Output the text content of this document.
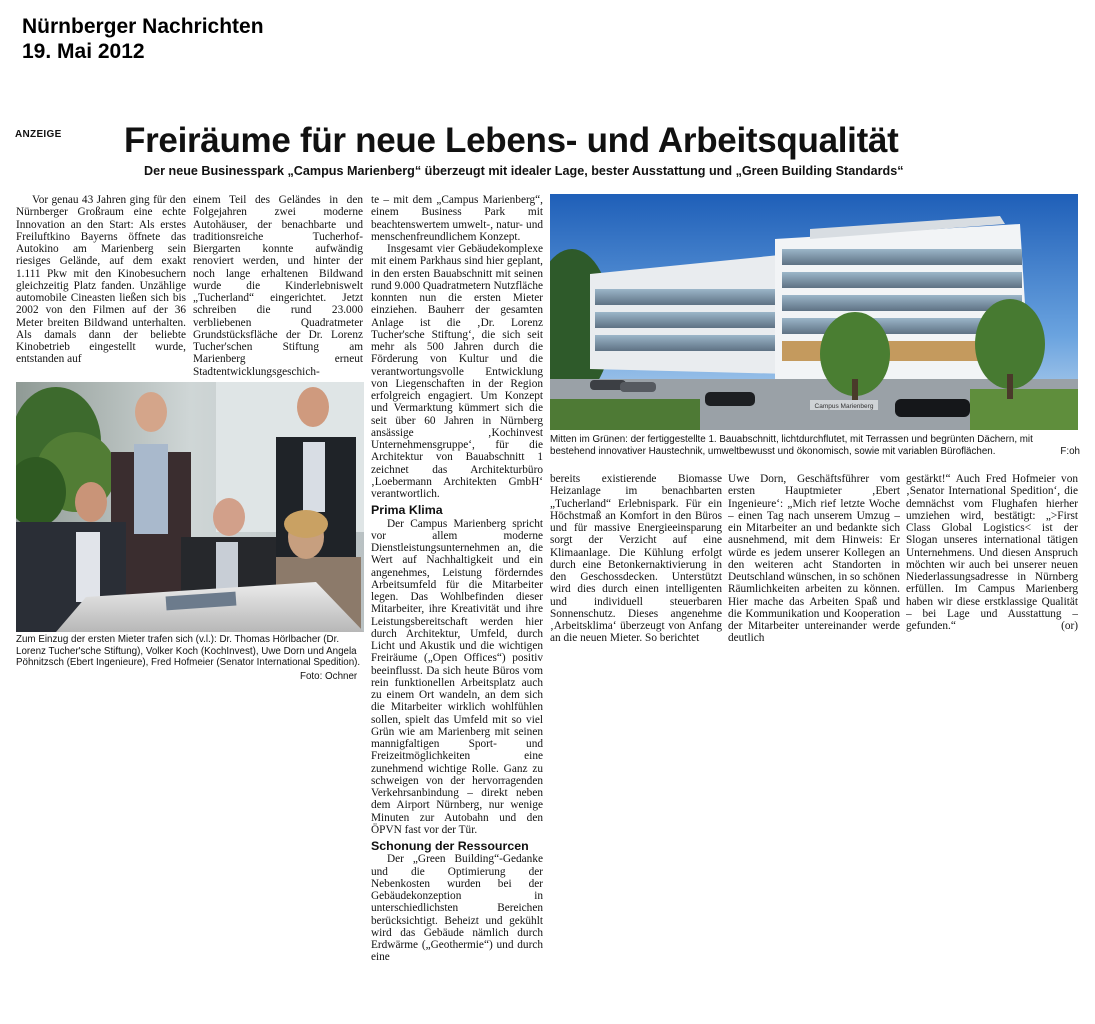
Nürnberger Nachrichten
19. Mai 2012
ANZEIGE Freiräume für neue Lebens- und Arbeitsqualität
Der neue Businesspark „Campus Marienberg“ überzeugt mit idealer Lage, bester Ausstattung und „Green Building Standards“

Vor genau 43 Jahren ging für den Nürnberger Großraum eine echte Innovation an den Start: Als erstes Freiluftkino Bayerns öffnete das Autokino am Marienberg sein riesiges Gelände, auf dem exakt 1.111 Pkw mit den Kinobesuchern gleichzeitig Platz fanden. Unzählige automobile Cineasten ließen sich bis 2002 von den Filmen auf der 36 Meter breiten Bildwand unterhalten. Als damals dann der beliebte Kinobetrieb eingestellt wurde, entstanden auf

einem Teil des Geländes in den Folgejahren zwei moderne Autohäuser, der benachbarte und traditionsreiche Tucherhof-Biergarten konnte aufwändig renoviert werden, und hinter der noch lange erhaltenen Bildwand wurde die Kinderlebniswelt „Tucherland“ eingerichtet. Jetzt schreiben die rund 23.000 verbliebenen Quadratmeter Grundstücksfläche der Dr. Lorenz Tucher'schen Stiftung am Marienberg erneut Stadtentwicklungsgeschich-

Zum Einzug der ersten Mieter trafen sich (v.l.): Dr. Thomas Hörlbacher (Dr. Lorenz Tucher'sche Stiftung), Volker Koch (KochInvest), Uwe Dorn und Angela Pöhnitzsch (Ebert Ingenieure), Fred Hofmeier (Senator International Spedition).
Foto: Ochner

te – mit dem „Campus Marienberg“, einem Business Park mit beachtenswertem umwelt-, natur- und menschenfreundlichem Konzept.

Insgesamt vier Gebäudekomplexe mit einem Parkhaus sind hier geplant, in den ersten Bauabschnitt mit seinen rund 9.000 Quadratmetern Nutzfläche konnten nun die ersten Mieter einziehen. Bauherr der gesamten Anlage ist die ‚Dr. Lorenz Tucher'sche Stiftung‘, die sich seit mehr als 500 Jahren durch die Förderung von Kultur und die verantwortungsvolle Entwicklung von Liegenschaften in der Region erfolgreich engagiert. Um Konzept und Vermarktung kümmert sich die seit über 60 Jahren in Nürnberg ansässige ‚Kochinvest Unternehmensgruppe‘, für die Architektur von Bauabschnitt 1 zeichnet das Architekturbüro ‚Loebermann Architekten GmbH‘ verantwortlich.

Prima Klima

Der Campus Marienberg spricht vor allem moderne Dienstleistungsunternehmen an, die Wert auf Nachhaltigkeit und ein angenehmes, Leistung förderndes Arbeitsumfeld für die Mitarbeiter legen. Das Wohlbefinden dieser Mitarbeiter, ihre Kreativität und ihre Leistungsbereitschaft werden hier durch Architektur, Umfeld, durch Licht und Akustik und die wichtigen Freiräume („Open Offices“) positiv beeinflusst. Da sich heute Büros vom rein funktionellen Arbeitsplatz auch zu einem Ort wandeln, an dem sich die Mitarbeiter wirklich wohlfühlen sollen, spielt das Umfeld mit so viel Grün wie am Marienberg mit seinen mannigfaltigen Sport- und Freizeitmöglichkeiten eine zunehmend wichtige Rolle. Ganz zu schweigen von der hervorragenden Verkehrsanbindung – direkt neben dem Airport Nürnberg, nur wenige Minuten zur Autobahn und den ÖPVN fast vor der Tür.

Schonung der Ressourcen

Der „Green Building“-Gedanke und die Optimierung der Nebenkosten wurden bei der Gebäudekonzeption in unterschiedlichsten Bereichen berücksichtigt. Beheizt und gekühlt wird das Gebäude nämlich durch Erdwärme („Geothermie“) und durch eine

Campus Marienberg
Mitten im Grünen: der fertiggestellte 1. Bauabschnitt, lichtdurchflutet, mit Terrassen und begrünten Dächern, mit bestehend innovativer Haustechnik, umweltbewusst und ökonomisch, sowie mit variablen Büroflächen.	F:oh

bereits existierende Biomasse Heizanlage im benachbarten „Tucherland“ Erlebnispark. Für ein Höchstmaß an Komfort in den Büros und für massive Energieeinsparung sorgt der Verzicht auf eine Klimaanlage. Die Kühlung erfolgt durch eine Betonkernaktivierung in den Geschossdecken. Unterstützt wird dies durch einen intelligenten und individuell steuerbaren Sonnenschutz. Dieses angenehme ‚Arbeitsklima‘ überzeugt von Anfang an die neuen Mieter. So berichtet

Uwe Dorn, Geschäftsführer vom ersten Hauptmieter ‚Ebert Ingenieure‘: „Mich rief letzte Woche – einen Tag nach unserem Umzug – ein Mitarbeiter an und bedankte sich ausnehmend, mit dem Hinweis: Er würde es jedem unserer Kollegen an den weiteren acht Standorten in Deutschland wünschen, in so schönen Räumlichkeiten arbeiten zu können. Hier mache das Arbeiten Spaß und die Kommunikation und Kooperation der Mitarbeiter untereinander werde deutlich

gestärkt!“ Auch Fred Hofmeier von ‚Senator International Spedition‘, die demnächst vom Flughafen hierher umziehen wird, bestätigt: „>First Class Global Logistics< ist der Slogan unseres international tätigen Unternehmens. Und diesen Anspruch möchten wir auch bei unserer neuen Niederlassungsadresse in Nürnberg erfüllen. Im Campus Marienberg haben wir diese erstklassige Qualität – bei Lage und Ausstattung – gefunden.“	(or)
